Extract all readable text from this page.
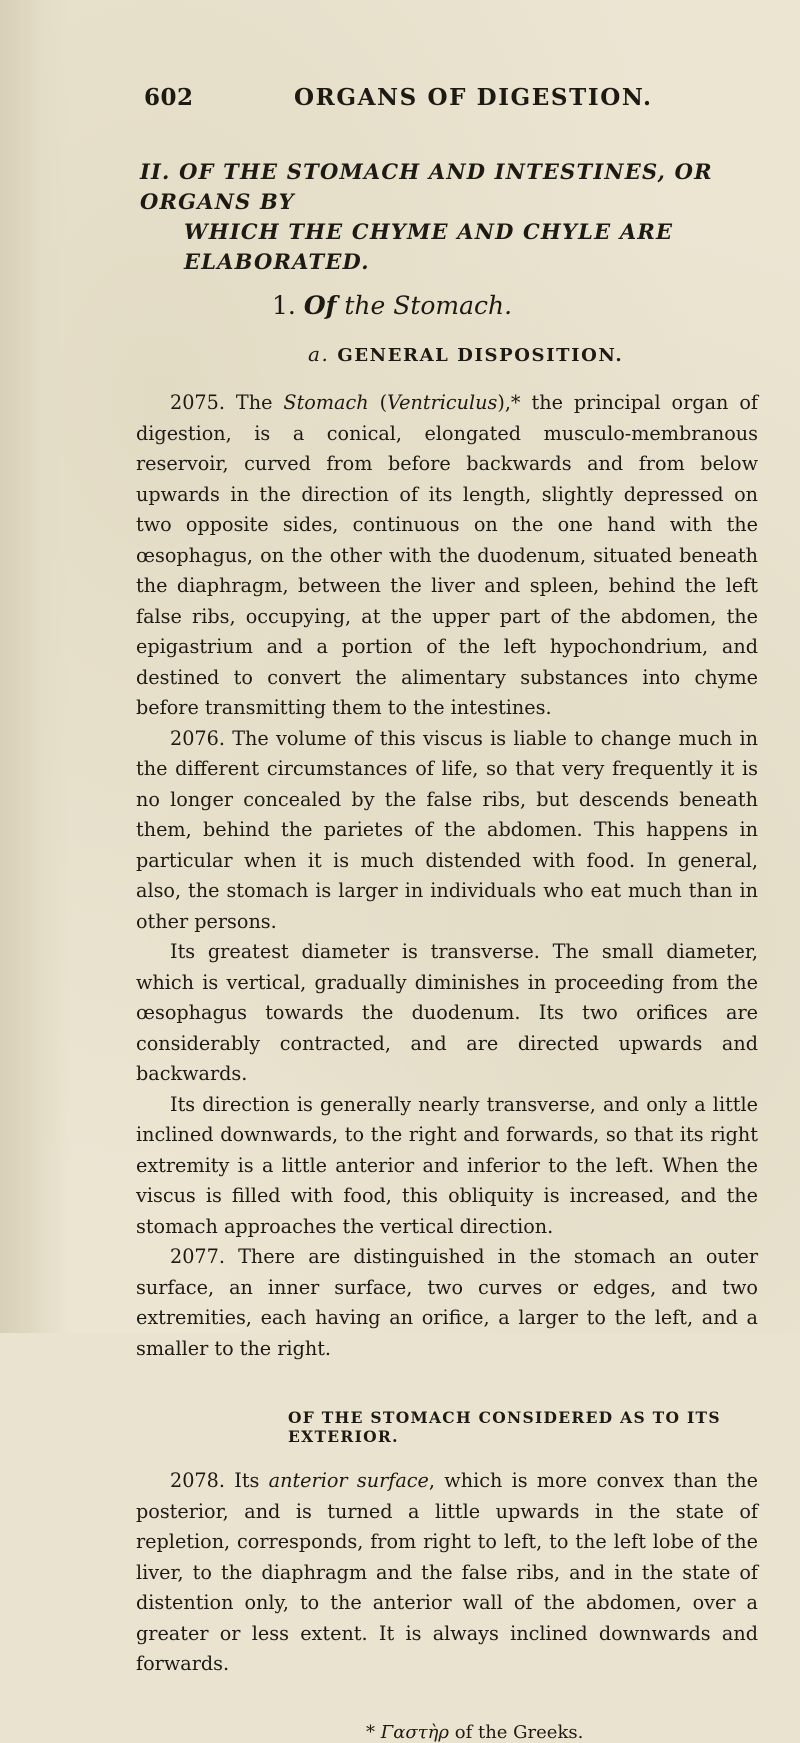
602	ORGANS OF DIGESTION.
II. OF THE STOMACH AND INTESTINES, OR ORGANS BY
WHICH THE CHYME AND CHYLE ARE ELABORATED.
1. Of the Stomach.
a. GENERAL DISPOSITION.

2075. The Stomach (Ventriculus),* the principal organ of digestion, is a conical, elongated musculo-membranous reservoir, curved from before backwards and from below upwards in the direction of its length, slightly depressed on two opposite sides, continuous on the one hand with the œsophagus, on the other with the duodenum, situated beneath the diaphragm, between the liver and spleen, behind the left false ribs, occupying, at the upper part of the abdomen, the epigastrium and a portion of the left hypochondrium, and destined to convert the alimentary substances into chyme before transmitting them to the intestines.

2076. The volume of this viscus is liable to change much in the different circumstances of life, so that very frequently it is no longer concealed by the false ribs, but descends beneath them, behind the parietes of the abdomen. This happens in particular when it is much distended with food. In general, also, the stomach is larger in individuals who eat much than in other persons.

Its greatest diameter is transverse. The small diameter, which is vertical, gradually diminishes in proceeding from the œsophagus towards the duodenum. Its two orifices are considerably contracted, and are directed upwards and backwards.

Its direction is generally nearly transverse, and only a little inclined downwards, to the right and forwards, so that its right extremity is a little anterior and inferior to the left. When the viscus is filled with food, this obliquity is increased, and the stomach approaches the vertical direction.

2077. There are distinguished in the stomach an outer surface, an inner surface, two curves or edges, and two extremities, each having an orifice, a larger to the left, and a smaller to the right.

OF THE STOMACH CONSIDERED AS TO ITS EXTERIOR.

2078. Its anterior surface, which is more convex than the posterior, and is turned a little upwards in the state of repletion, corresponds, from right to left, to the left lobe of the liver, to the diaphragm and the false ribs, and in the state of distention only, to the anterior wall of the abdomen, over a greater or less extent. It is always inclined downwards and forwards.

* Γαστὴρ of the Greeks.
